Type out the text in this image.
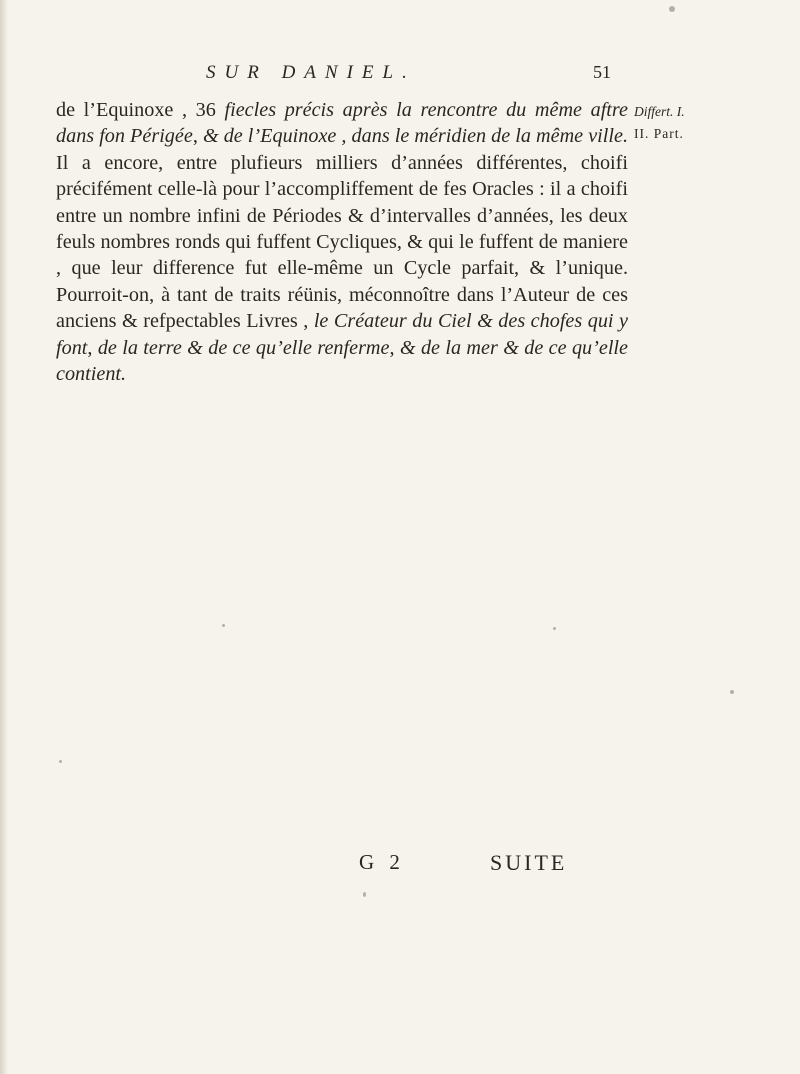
SUR DANIEL.	51
Differt. I.
II. Part.

de l’Equinoxe , 36 fiecles précis après la rencontre du même aftre dans fon Périgée, & de l’Equinoxe , dans le méridien de la même ville. Il a encore, entre plufieurs milliers d’années différentes, choifi précifément celle-là pour l’accompliffement de fes Oracles : il a choifi entre un nombre infini de Périodes & d’intervalles d’années, les deux feuls nombres ronds qui fuffent Cycliques, & qui le fuffent de maniere , que leur difference fut elle-même un Cycle parfait, & l’unique. Pourroit-on, à tant de traits réünis, méconnoître dans l’Auteur de ces anciens & refpectables Livres , le Créateur du Ciel & des chofes qui y font, de la terre & de ce qu’elle renferme, & de la mer & de ce qu’elle contient.

G 2	SUITE
